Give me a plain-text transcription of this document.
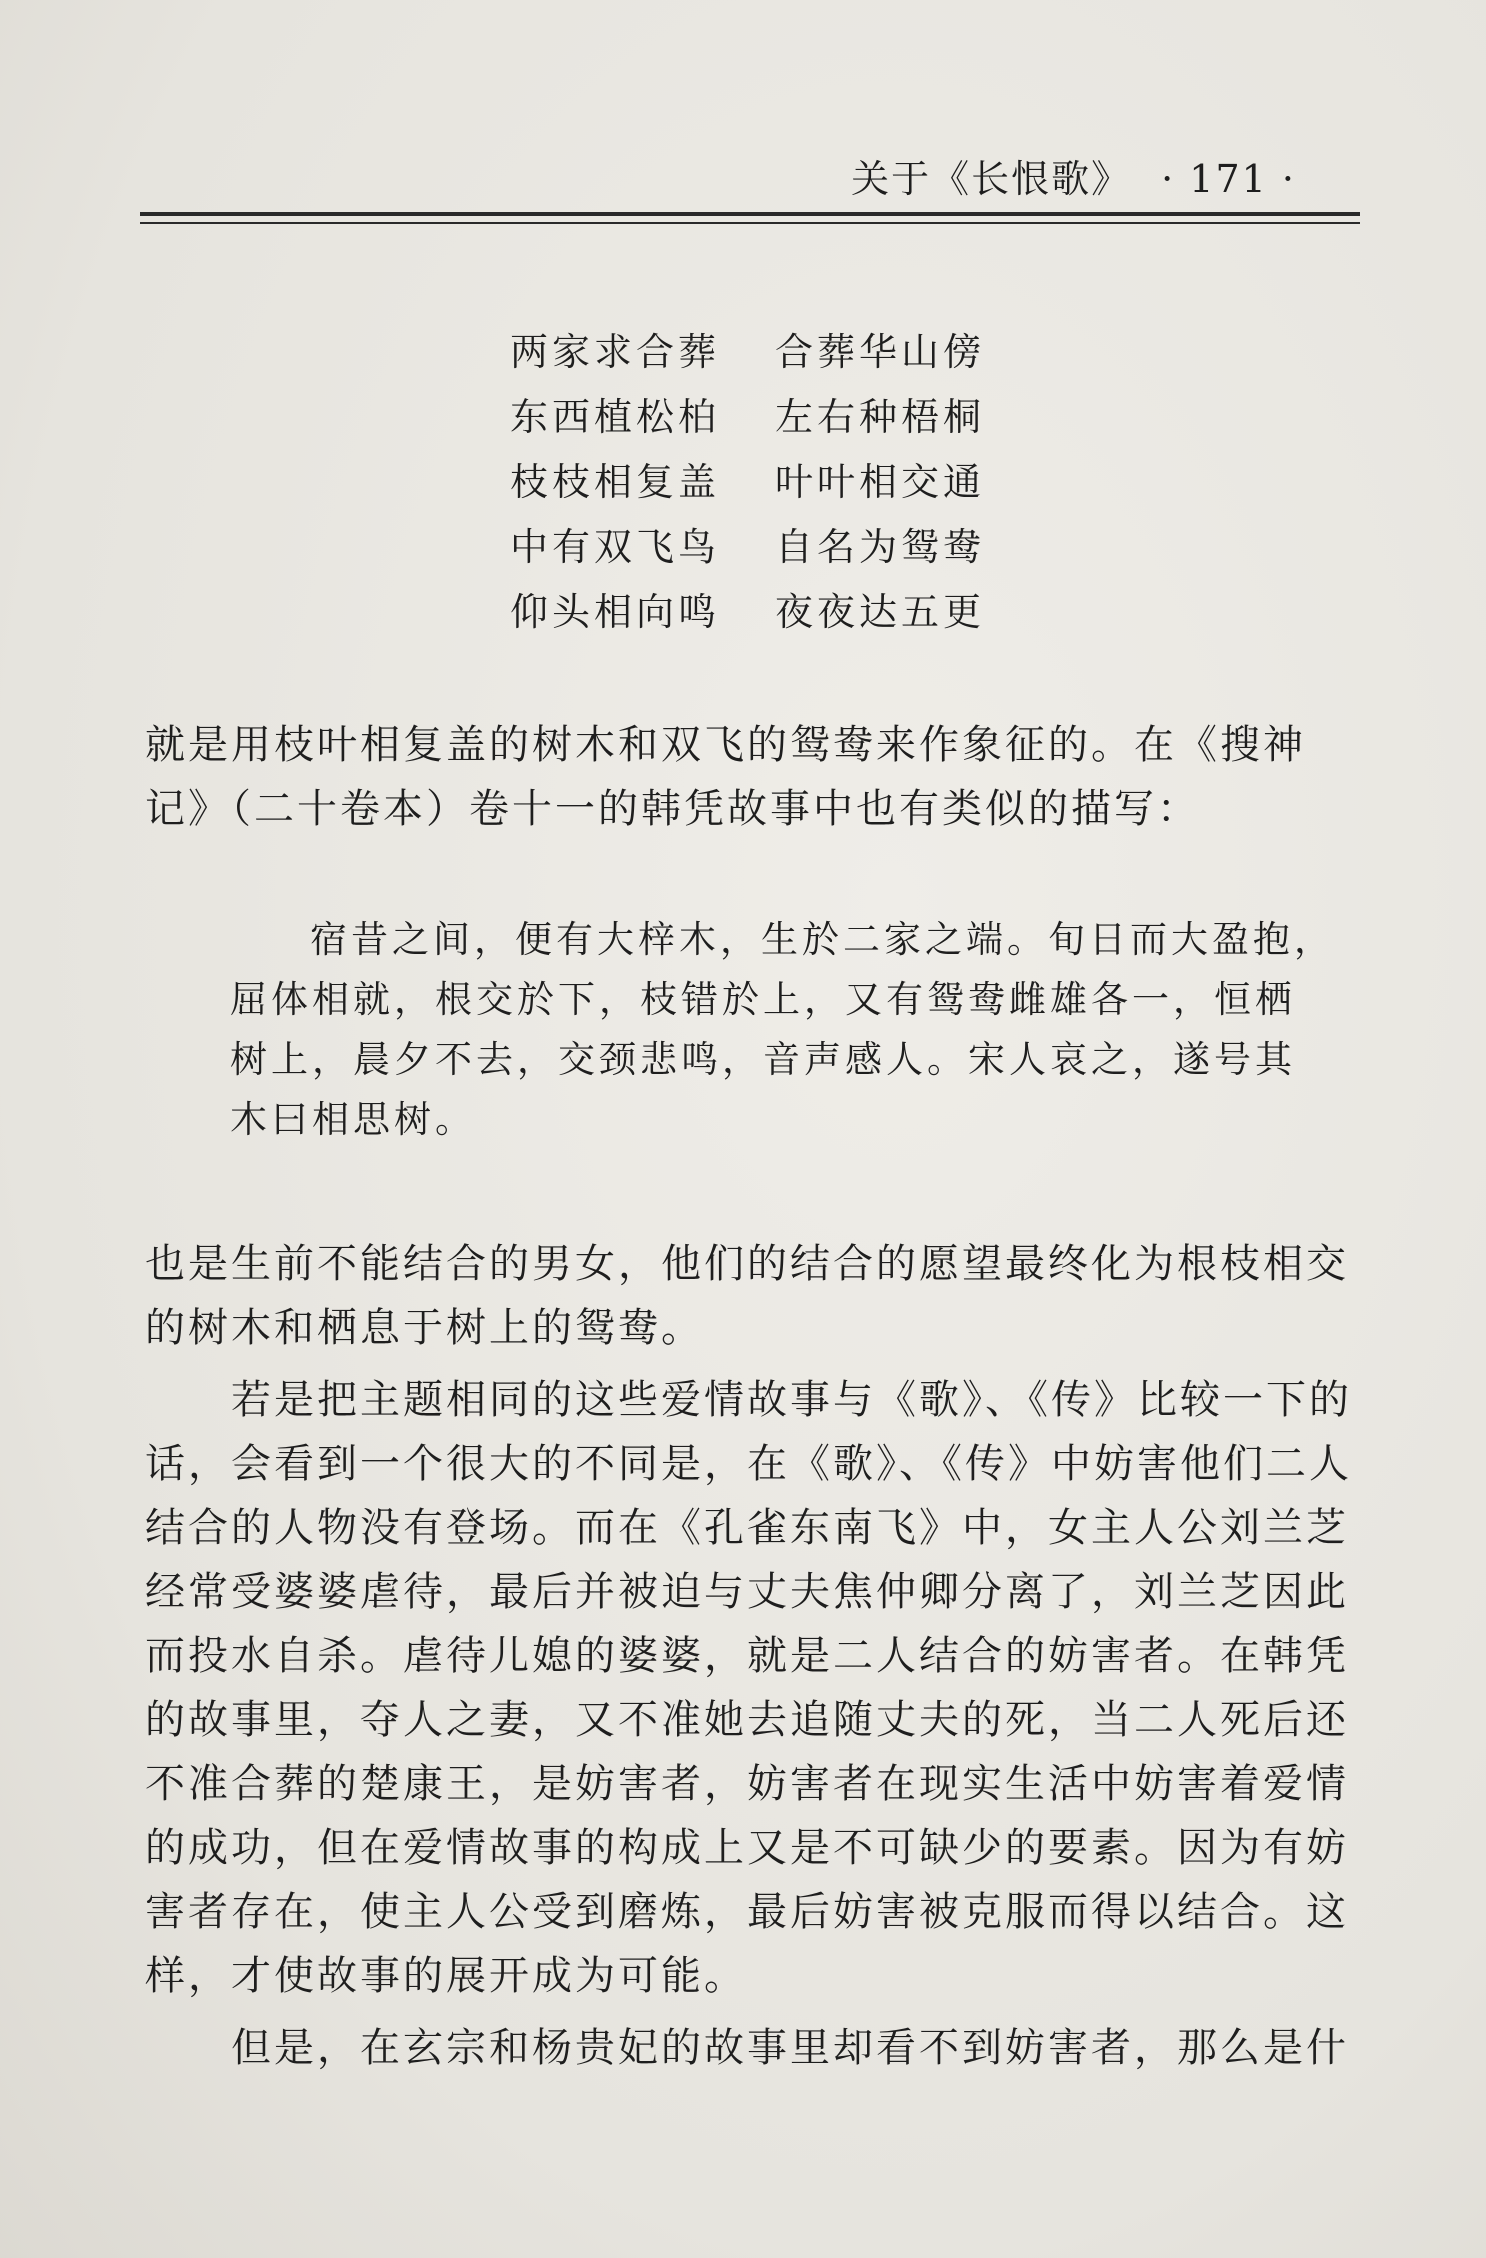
关于《长恨歌》 · 171 ·
两家求合葬	合葬华山傍
东西植松柏	左右种梧桐
枝枝相复盖	叶叶相交通
中有双飞鸟	自名为鸳鸯
仰头相向鸣	夜夜达五更
就是用枝叶相复盖的树木和双飞的鸳鸯来作象征的。在《搜神
记》（二十卷本）卷十一的韩凭故事中也有类似的描写：
宿昔之间，便有大梓木，生於二家之端。旬日而大盈抱，
屈体相就，根交於下，枝错於上，又有鸳鸯雌雄各一，恒栖
树上，晨夕不去，交颈悲鸣，音声感人。宋人哀之，遂号其
木曰相思树。
也是生前不能结合的男女，他们的结合的愿望最终化为根枝相交
的树木和栖息于树上的鸳鸯。
若是把主题相同的这些爱情故事与《歌》、《传》比较一下的
话，会看到一个很大的不同是，在《歌》、《传》中妨害他们二人
结合的人物没有登场。而在《孔雀东南飞》中，女主人公刘兰芝
经常受婆婆虐待，最后并被迫与丈夫焦仲卿分离了，刘兰芝因此
而投水自杀。虐待儿媳的婆婆，就是二人结合的妨害者。在韩凭
的故事里，夺人之妻，又不准她去追随丈夫的死，当二人死后还
不准合葬的楚康王，是妨害者，妨害者在现实生活中妨害着爱情
的成功，但在爱情故事的构成上又是不可缺少的要素。因为有妨
害者存在，使主人公受到磨炼，最后妨害被克服而得以结合。这
样，才使故事的展开成为可能。
但是，在玄宗和杨贵妃的故事里却看不到妨害者，那么是什
